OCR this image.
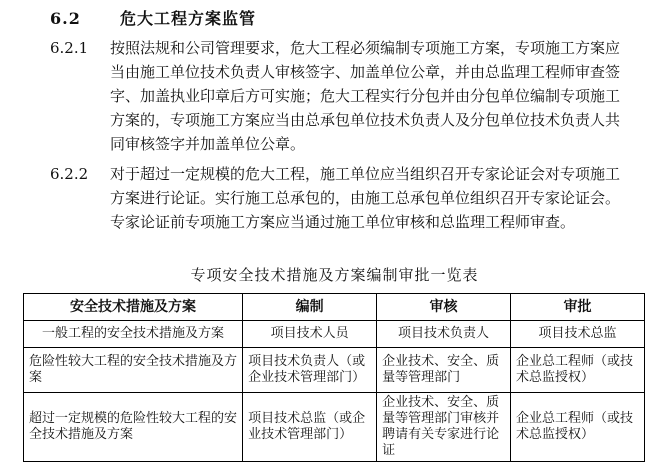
6.2 危大工程方案监管
6.2.1	按照法规和公司管理要求，危大工程必须编制专项施工方案，专项施工方案应当由施工单位技术负责人审核签字、加盖单位公章，并由总监理工程师审查签字、加盖执业印章后方可实施；危大工程实行分包并由分包单位编制专项施工方案的，专项施工方案应当由总承包单位技术负责人及分包单位技术负责人共同审核签字并加盖单位公章。
6.2.2	对于超过一定规模的危大工程，施工单位应当组织召开专家论证会对专项施工方案进行论证。实行施工总承包的，由施工总承包单位组织召开专家论证会。专家论证前专项施工方案应当通过施工单位审核和总监理工程师审查。
专项安全技术措施及方案编制审批一览表
安全技术措施及方案	编制	审核	审批
一般工程的安全技术措施及方案	项目技术人员	项目技术负责人	项目技术总监
危险性较大工程的安全技术措施及方案	项目技术负责人（或企业技术管理部门）	企业技术、安全、质量等管理部门	企业总工程师（或技术总监授权）
超过一定规模的危险性较大工程的安全技术措施及方案	项目技术总监（或企业技术管理部门）	企业技术、安全、质量等管理部门审核并聘请有关专家进行论证	企业总工程师（或技术总监授权）
